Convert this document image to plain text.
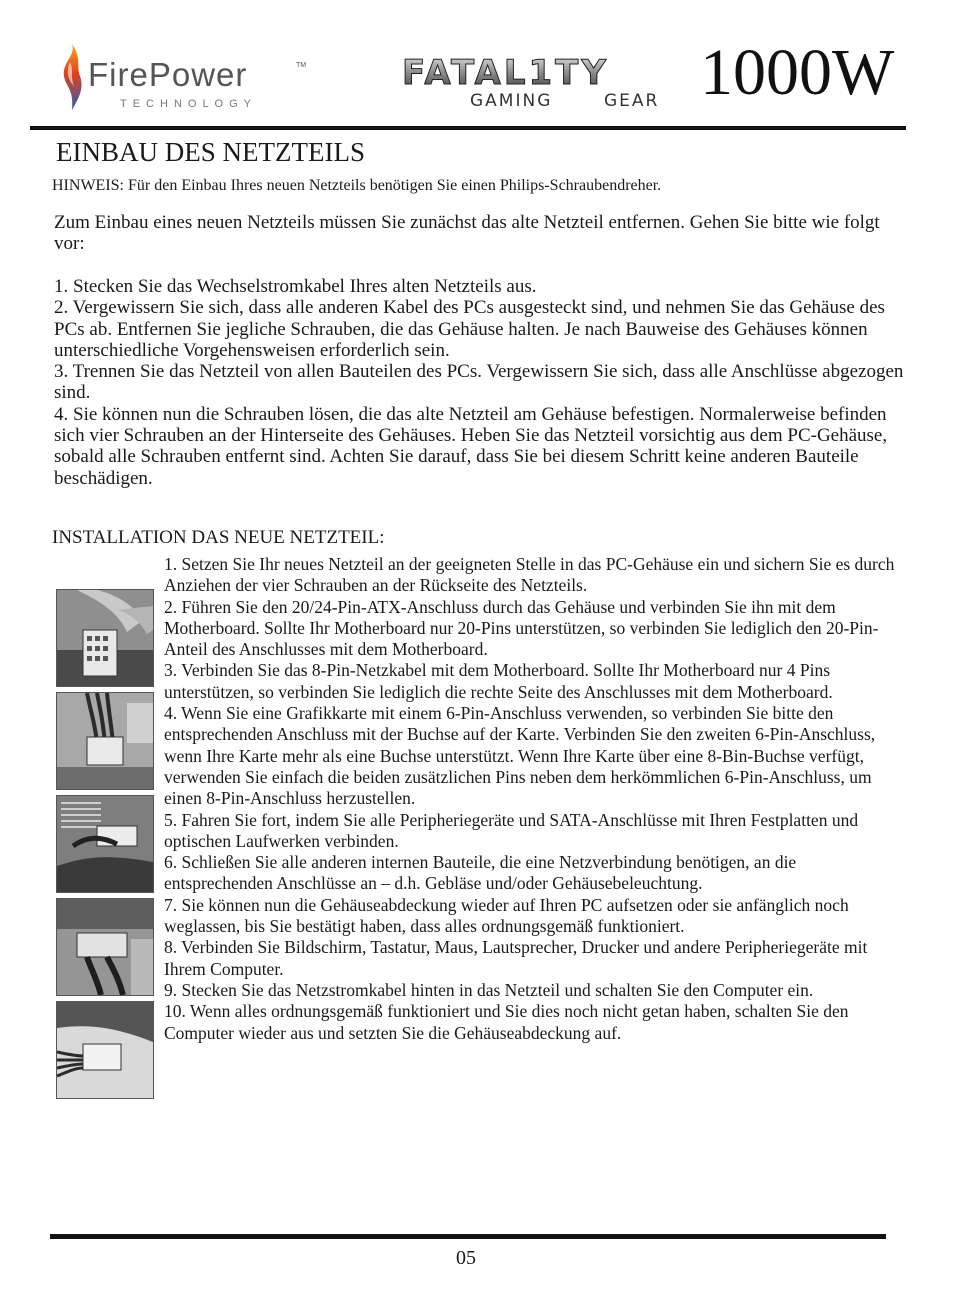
FirePower	TM
TECHNOLOGY
FATAL1TY
GAMING	GEAR 1000W
EINBAU DES NETZTEILS
HINWEIS: Für den Einbau Ihres neuen Netzteils benötigen Sie einen Philips-Schraubendreher.

Zum Einbau eines neuen Netzteils müssen Sie zunächst das alte Netzteil entfernen. Gehen Sie bitte wie folgt vor:

1. Stecken Sie das Wechselstromkabel Ihres alten Netzteils aus.

2. Vergewissern Sie sich, dass alle anderen Kabel des PCs ausgesteckt sind, und nehmen Sie das Gehäuse des PCs ab. Entfernen Sie jegliche Schrauben, die das Gehäuse halten. Je nach Bauweise des Gehäuses können unterschiedliche Vorgehensweisen erforderlich sein.

3. Trennen Sie das Netzteil von allen Bauteilen des PCs. Vergewissern Sie sich, dass alle Anschlüsse abgezogen sind.

4. Sie können nun die Schrauben lösen, die das alte Netzteil am Gehäuse befestigen. Normalerweise befinden sich vier Schrauben an der Hinterseite des Gehäuses. Heben Sie das Netzteil vorsichtig aus dem PC-Gehäuse, sobald alle Schrauben entfernt sind. Achten Sie darauf, dass Sie bei diesem Schritt keine anderen Bauteile beschädigen.

INSTALLATION DAS NEUE NETZTEIL:

1. Setzen Sie Ihr neues Netzteil an der geeigneten Stelle in das PC-Gehäuse ein und sichern Sie es durch Anziehen der vier Schrauben an der Rückseite des Netzteils.

2. Führen Sie den 20/24-Pin-ATX-Anschluss durch das Gehäuse und verbinden Sie ihn mit dem Motherboard. Sollte Ihr Motherboard nur 20-Pins unterstützen, so verbinden Sie lediglich den 20-Pin-Anteil des Anschlusses mit dem Motherboard.

3. Verbinden Sie das 8-Pin-Netzkabel mit dem Motherboard. Sollte Ihr Motherboard nur 4 Pins unterstützen, so verbinden Sie lediglich die rechte Seite des Anschlusses mit dem Motherboard.

4. Wenn Sie eine Grafikkarte mit einem 6-Pin-Anschluss verwenden, so verbinden Sie bitte den entsprechenden Anschluss mit der Buchse auf der Karte. Verbinden Sie den zweiten 6-Pin-Anschluss, wenn Ihre Karte mehr als eine Buchse unterstützt. Wenn Ihre Karte über eine 8-Bin-Buchse verfügt, verwenden Sie einfach die beiden zusätzlichen Pins neben dem herkömmlichen 6-Pin-Anschluss, um einen 8-Pin-Anschluss herzustellen.

5. Fahren Sie fort, indem Sie alle Peripheriegeräte und SATA-Anschlüsse mit Ihren Festplatten und optischen Laufwerken verbinden.

6. Schließen Sie alle anderen internen Bauteile, die eine Netzverbindung benötigen, an die entsprechenden Anschlüsse an – d.h. Gebläse und/oder Gehäusebeleuchtung.

7. Sie können nun die Gehäuseabdeckung wieder auf Ihren PC aufsetzen oder sie anfänglich noch weglassen, bis Sie bestätigt haben, dass alles ordnungsgemäß funktioniert.

8. Verbinden Sie Bildschirm, Tastatur, Maus, Lautsprecher, Drucker und andere Peripheriegeräte mit Ihrem Computer.

9. Stecken Sie das Netzstromkabel hinten in das Netzteil und schalten Sie den Computer ein.

10. Wenn alles ordnungsgemäß funktioniert und Sie dies noch nicht getan haben, schalten Sie den Computer wieder aus und setzten Sie die Gehäuseabdeckung auf.

05
